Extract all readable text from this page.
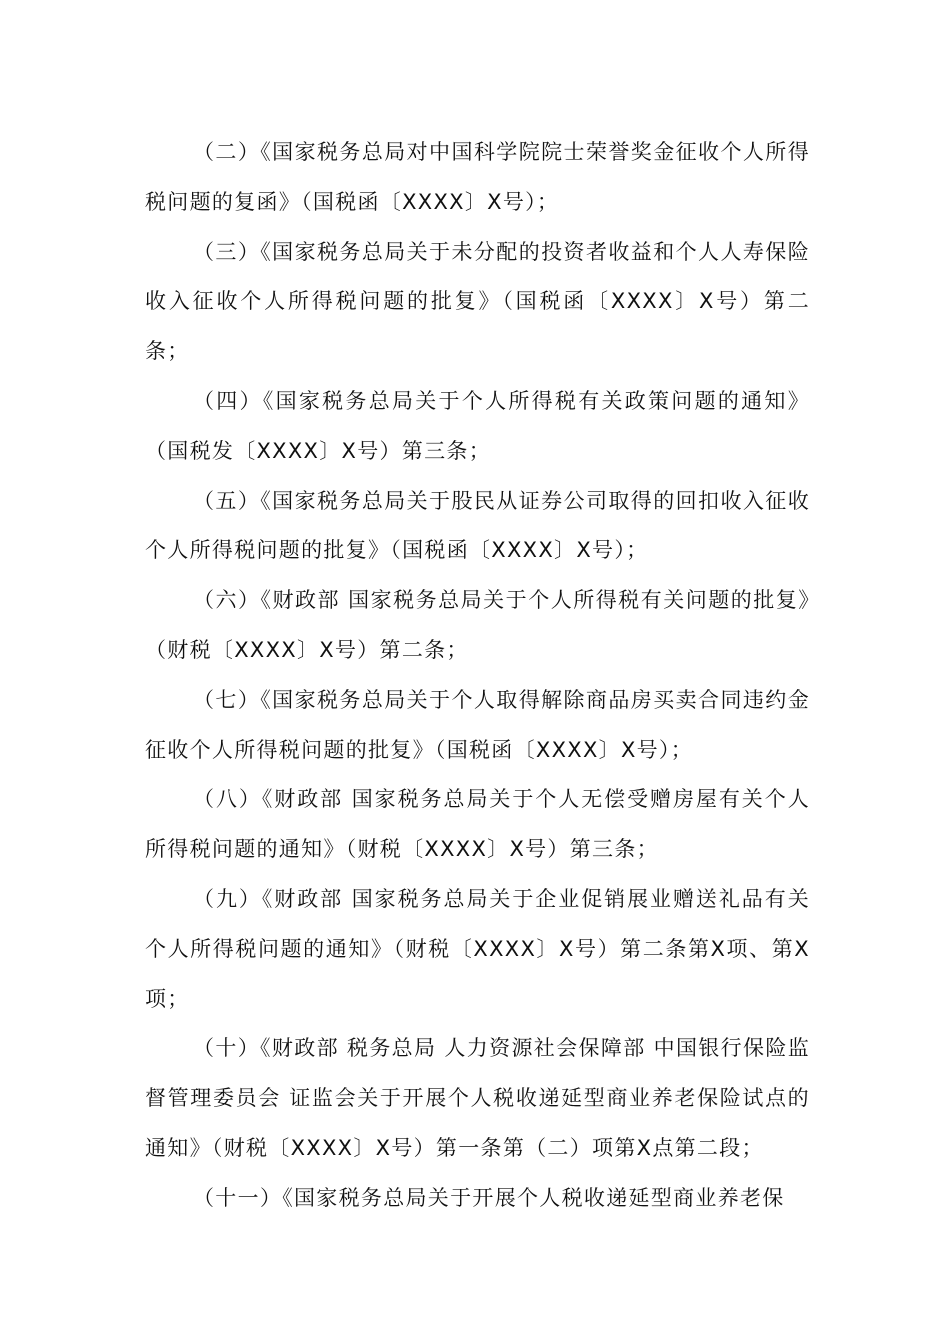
（二）《国家税务总局对中国科学院院士荣誉奖金征收个人所得税问题的复函》（国税函〔XXXX〕X号）；

（三）《国家税务总局关于未分配的投资者收益和个人人寿保险收入征收个人所得税问题的批复》（国税函〔XXXX〕X号）第二条；

（四）《国家税务总局关于个人所得税有关政策问题的通知》（国税发〔XXXX〕X号）第三条；

（五）《国家税务总局关于股民从证券公司取得的回扣收入征收个人所得税问题的批复》（国税函〔XXXX〕X号）；

（六）《财政部 国家税务总局关于个人所得税有关问题的批复》（财税〔XXXX〕X号）第二条；

（七）《国家税务总局关于个人取得解除商品房买卖合同违约金征收个人所得税问题的批复》（国税函〔XXXX〕X号）；

（八）《财政部 国家税务总局关于个人无偿受赠房屋有关个人所得税问题的通知》（财税〔XXXX〕X号）第三条；

（九）《财政部 国家税务总局关于企业促销展业赠送礼品有关个人所得税问题的通知》（财税〔XXXX〕X号）第二条第X项、第X项；

（十）《财政部 税务总局 人力资源社会保障部 中国银行保险监督管理委员会 证监会关于开展个人税收递延型商业养老保险试点的通知》（财税〔XXXX〕X号）第一条第（二）项第X点第二段；

（十一）《国家税务总局关于开展个人税收递延型商业养老保
